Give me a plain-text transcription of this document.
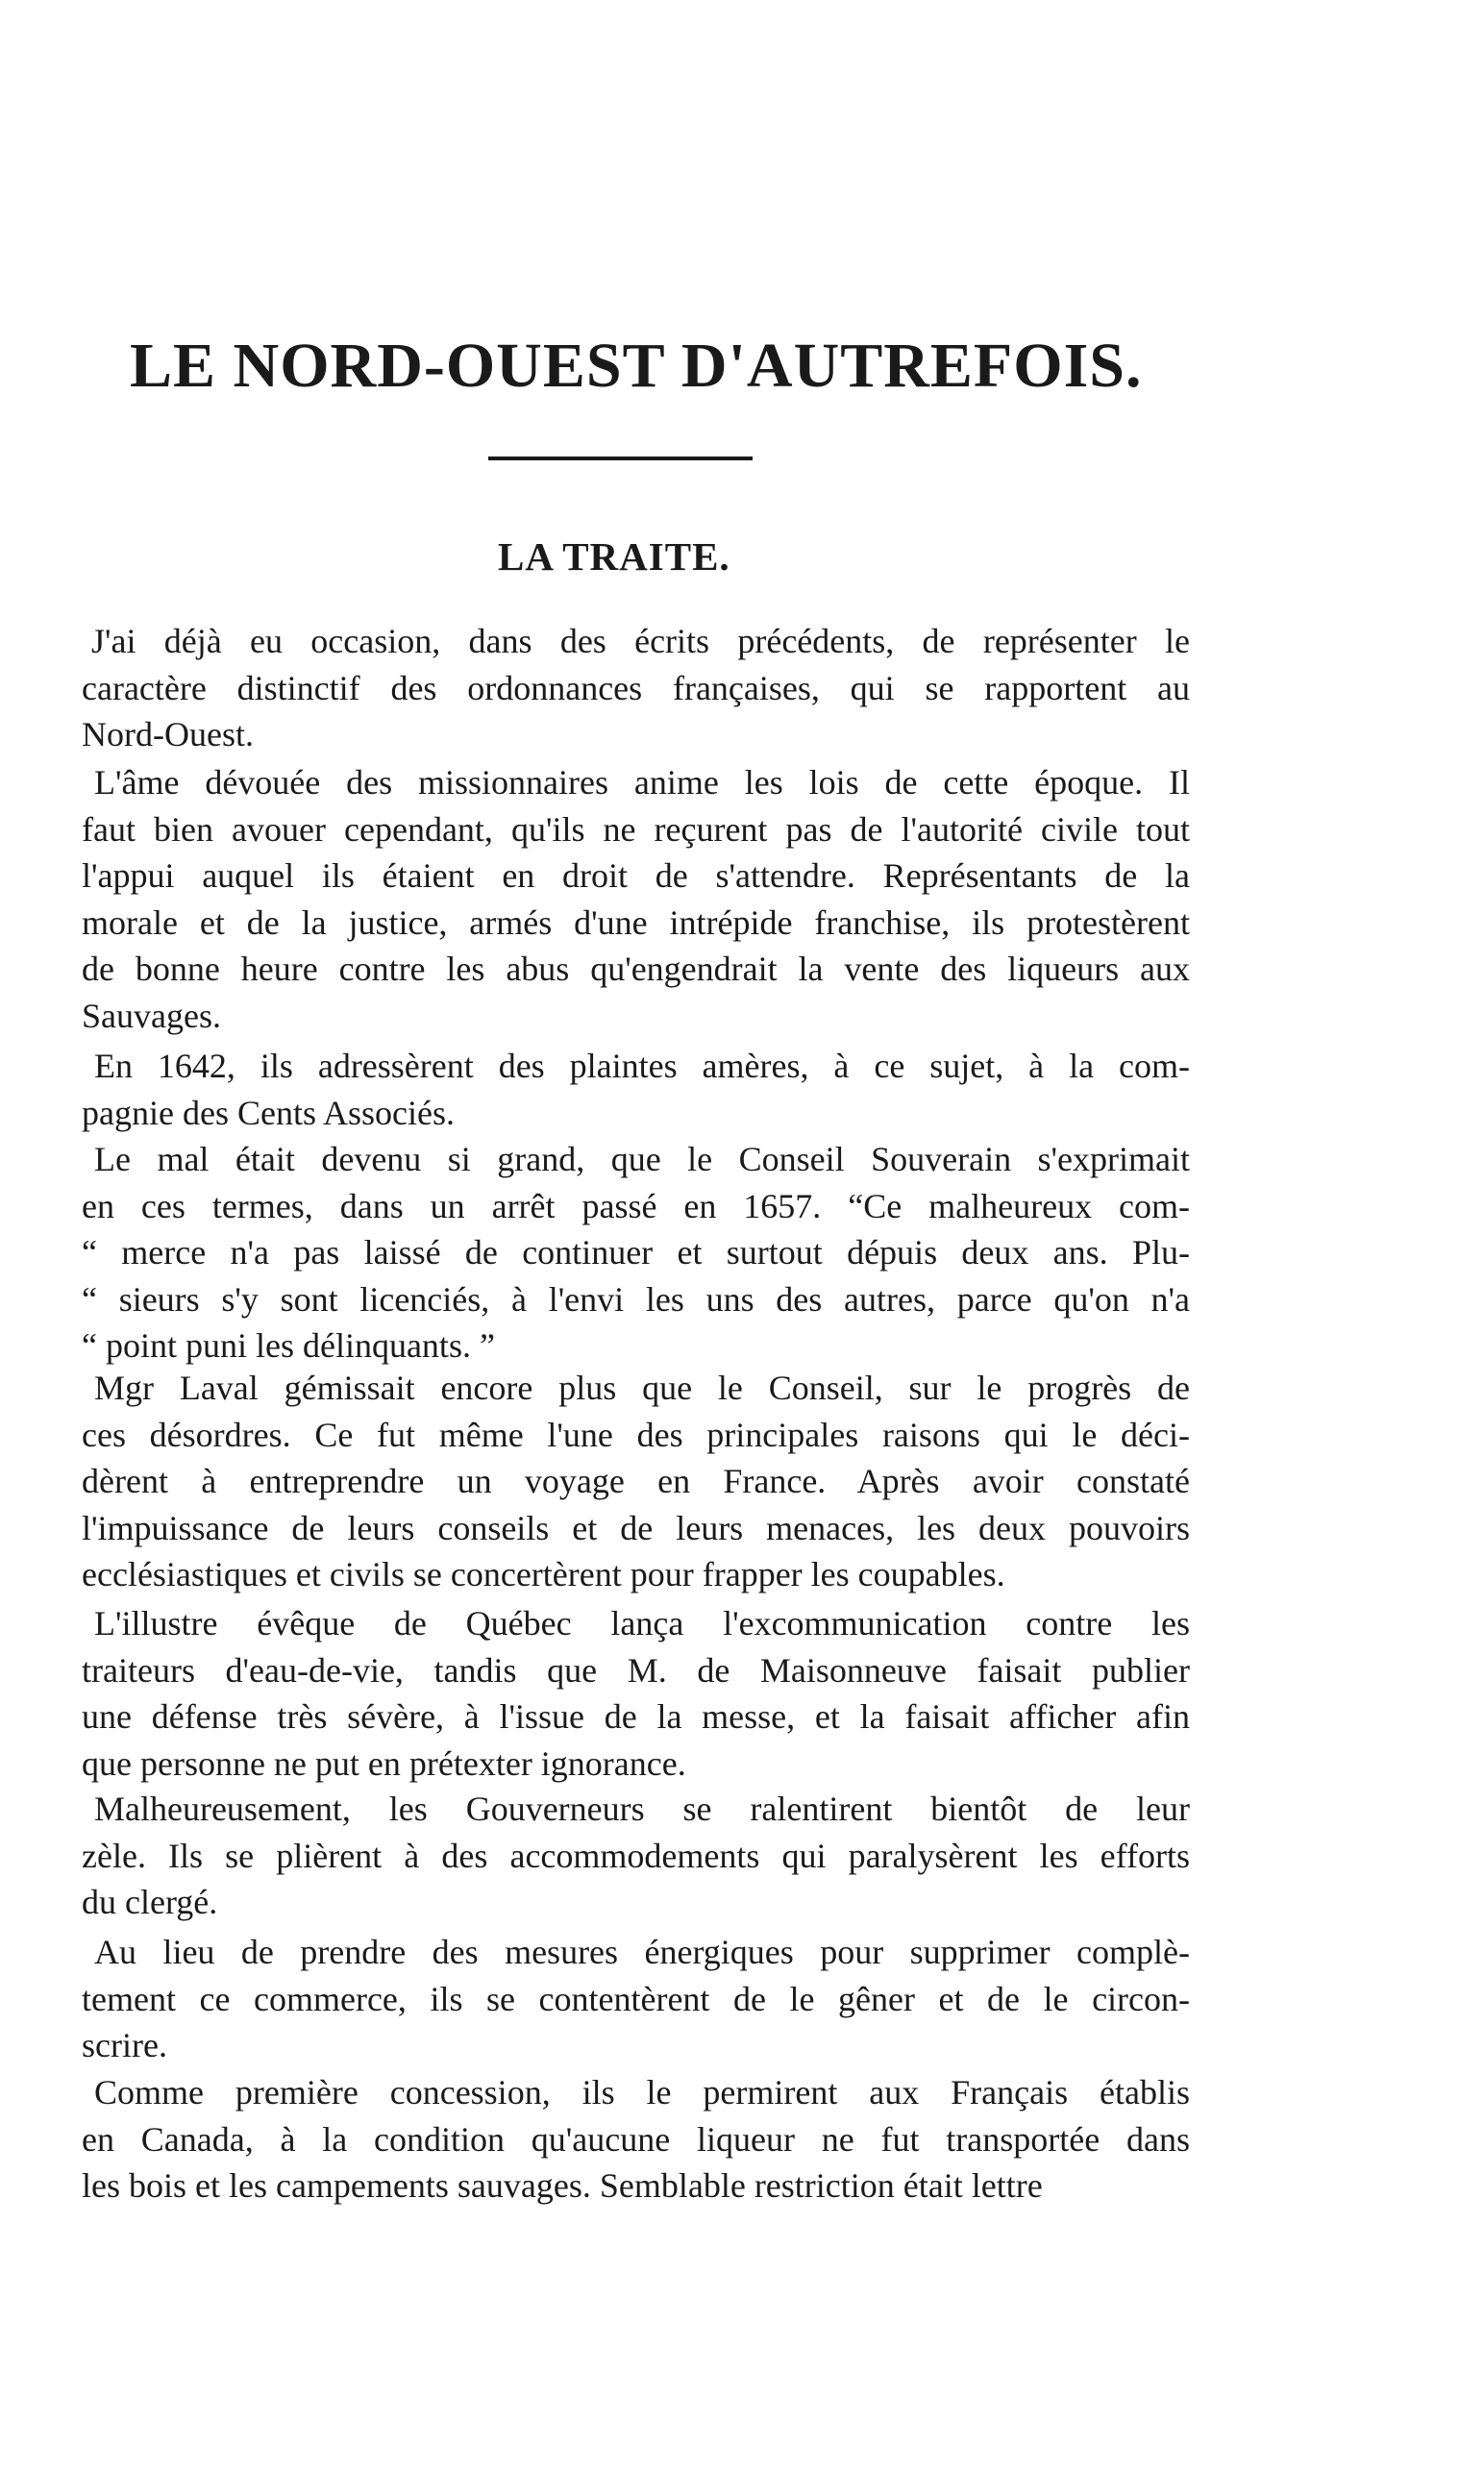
LE NORD-OUEST D'AUTREFOIS.
LA TRAITE.
J'ai déjà eu occasion, dans des écrits précédents, de représenter le
caractère distinctif des ordonnances françaises, qui se rapportent au
Nord-Ouest.
L'âme dévouée des missionnaires anime les lois de cette époque. Il
faut bien avouer cependant, qu'ils ne reçurent pas de l'autorité civile tout
l'appui auquel ils étaient en droit de s'attendre. Représentants de la
morale et de la justice, armés d'une intrépide franchise, ils protestèrent
de bonne heure contre les abus qu'engendrait la vente des liqueurs aux
Sauvages.
En 1642, ils adressèrent des plaintes amères, à ce sujet, à la com-
pagnie des Cents Associés.
Le mal était devenu si grand, que le Conseil Souverain s'exprimait
en ces termes, dans un arrêt passé en 1657. “Ce malheureux com-
“ merce n'a pas laissé de continuer et surtout dépuis deux ans. Plu-
“ sieurs s'y sont licenciés, à l'envi les uns des autres, parce qu'on n'a
“ point puni les délinquants. ”
Mgr Laval gémissait encore plus que le Conseil, sur le progrès de
ces désordres. Ce fut même l'une des principales raisons qui le déci-
dèrent à entreprendre un voyage en France. Après avoir constaté
l'impuissance de leurs conseils et de leurs menaces, les deux pouvoirs
ecclésiastiques et civils se concertèrent pour frapper les coupables.
L'illustre évêque de Québec lança l'excommunication contre les
traiteurs d'eau-de-vie, tandis que M. de Maisonneuve faisait publier
une défense très sévère, à l'issue de la messe, et la faisait afficher afin
que personne ne put en prétexter ignorance.
Malheureusement, les Gouverneurs se ralentirent bientôt de leur
zèle. Ils se plièrent à des accommodements qui paralysèrent les efforts
du clergé.
Au lieu de prendre des mesures énergiques pour supprimer complè-
tement ce commerce, ils se contentèrent de le gêner et de le circon-
scrire.
Comme première concession, ils le permirent aux Français établis
en Canada, à la condition qu'aucune liqueur ne fut transportée dans
les bois et les campements sauvages. Semblable restriction était lettre
